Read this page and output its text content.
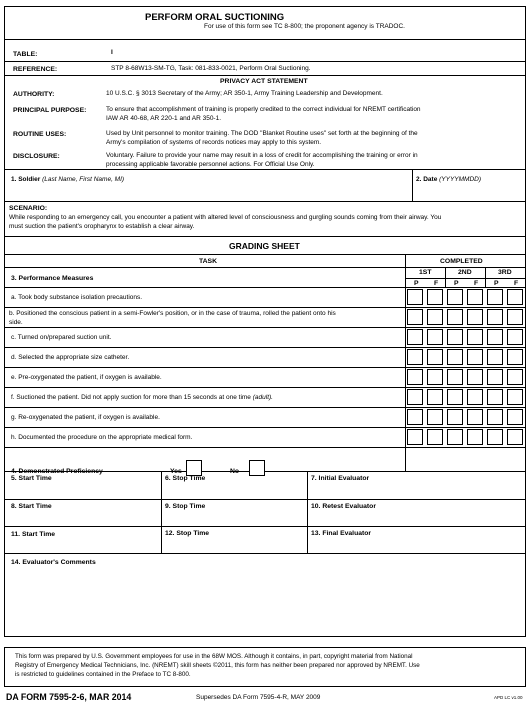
PERFORM ORAL SUCTIONING
For use of this form see TC 8-800; the proponent agency is TRADOC.
TABLE:	I
REFERENCE:	STP 8-68W13-SM-TG, Task: 081-833-0021, Perform Oral Suctioning.
PRIVACY ACT STATEMENT
AUTHORITY:	10 U.S.C. § 3013 Secretary of the Army; AR 350-1, Army Training Leadership and Development.
PRINCIPAL PURPOSE:	To ensure that accomplishment of training is properly credited to the correct individual for NREMT certification
IAW AR 40-68, AR 220-1 and AR 350-1.
ROUTINE USES:	Used by Unit personnel to monitor training. The DOD "Blanket Routine uses" set forth at the beginning of the
Army's compilation of systems of records notices may apply to this system.
DISCLOSURE:	Voluntary. Failure to provide your name may result in a loss of credit for accomplishing the training or error in
processing applicable favorable personnel actions. For Official Use Only.
1. Soldier (Last Name, First Name, MI)	2. Date (YYYYMMDD)
SCENARIO:
While responding to an emergency call, you encounter a patient with altered level of consciousness and gurgling sounds coming from their airway. You
must suction the patient's oropharynx to establish a clear airway.
GRADING SHEET
TASK	COMPLETED
3. Performance Measures
1ST	2ND	3RD
P F P F P F
4. Demonstrated Proficiency	Yes	No
5. Start Time	6. Stop Time	7. Initial Evaluator
8. Start Time	9. Stop Time	10. Retest Evaluator
11. Start Time	12. Stop Time	13. Final Evaluator
14. Evaluator's Comments
a. Took body substance isolation precautions.
b. Positioned the conscious patient in a semi-Fowler's position, or in the case of trauma, rolled the patient onto his
side.
c. Turned on/prepared suction unit.
d. Selected the appropriate size catheter.
e. Pre-oxygenated the patient, if oxygen is available.
f. Suctioned the patient. Did not apply suction for more than 15 seconds at one time (adult).
g. Re-oxygenated the patient, if oxygen is available.
h. Documented the procedure on the appropriate medical form.
This form was prepared by U.S. Government employees for use in the 68W MOS. Although it contains, in part, copyright material from National
Registry of Emergency Medical Technicians, Inc. (NREMT) skill sheets ©2011, this form has neither been prepared nor approved by NREMT. Use
is restricted to guidelines contained in the Preface to TC 8-800.
DA FORM 7595-2-6, MAR 2014	Supersedes DA Form 7595-4-R, MAY 2009	APD LC v1.00
